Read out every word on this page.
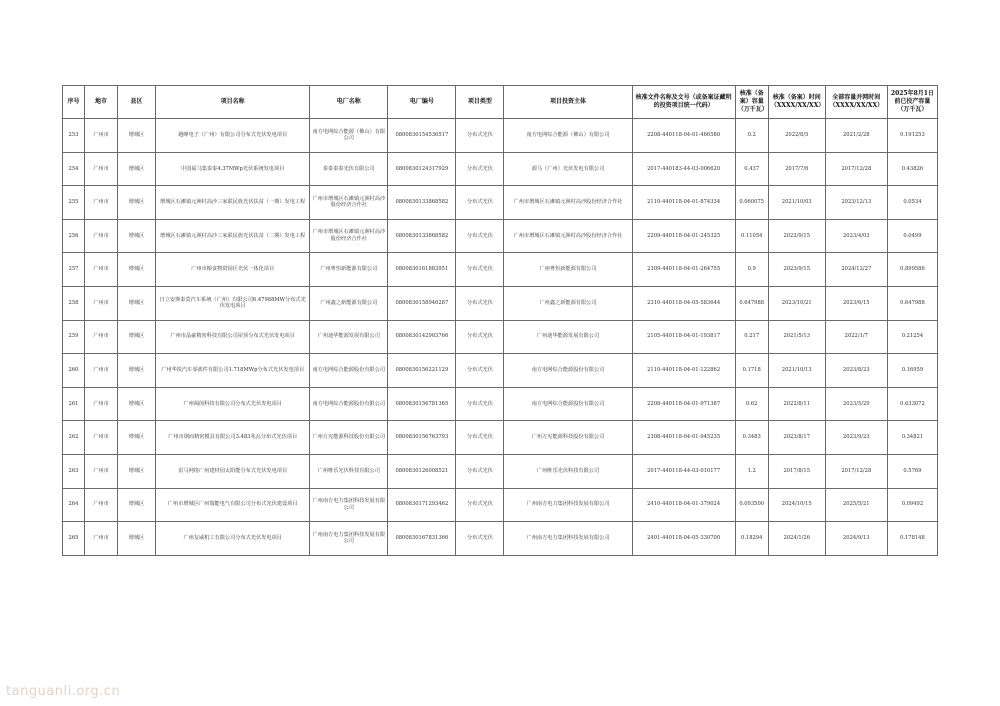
序号	地市	县区	项目名称	电厂名称	电厂编号	项目类型	项目投资主体	核准文件名称及文号（或备案证藏明的投资项目统一代码）	核准（备案）容量（万千瓦）	核准（备案）时间（XXXX/XX/XX）	全部容量并网时间（XXXX/XX/XX）	2025年8月1日前已投产容量（万千瓦）
253	广州市	增城区	越峰电子（广州）有限公司分布式光伏发电项目	南方电网综合能源（佛山）有限公司	0800830154536517	分布式光伏	南方电网综合能源（佛山）有限公司	2208-440118-04-01-466580	0.2	2022/8/5	2021/2/28	0.191253
254	广州市	增城区	中国福马集泰泰4.37MWp光伏系统发电项目	泰泰泰泰光伏有限公司	0800830124317929	分布式光伏	源马（广州）光伏发电有限公司	2017-440183-44-03-006620	0.437	2017/7/6	2017/12/28	0.43826
255	广州市	增城区	增城区石滩镇元洲村高沙三家联民族光伏扶贫（一期）发电工程	广州市增城区石滩镇元洲村高沙股份经济合作社	0800830133868582	分布式光伏	广州市增城区石滩镇元洲村高沙股份经济合作社	2110-440118-04-01-874334	0.060075	2021/10/03	2023/12/13	0.0534
256	广州市	增城区	增城区石滩镇元洲村高沙三家联民族光伏扶贫（二期）发电工程	广州市增城区石滩镇元洲村高沙股份经济合作社	0800830133868582	分布式光伏	广州市增城区石滩镇元洲村高沙股份经济合作社	2209-440118-04-01-245325	0.11054	2022/9/15	2023/4/03	0.0499
257	广州市	增城区	广州市粮食物资园区光伏一体化项目	广州粤恒新能源有限公司	0800830161883951	分布式光伏	广州粤恒新能源有限公司	2309-440118-04-01-264755	0.9	2023/9/15	2024/12/27	0.899586
258	广州市	增城区	日立安斯泰莫汽车系统（广州）有限公司6.47988MW分布式光伏发电项目	广州鑫之新能源有限公司	0800830158946287	分布式光伏	广州鑫之新能源有限公司	2310-440118-04-05-583644	0.647988	2023/10/21	2023/6/15	0.647988
259	广州市	增城区	广州市晶豪精密科技有限公司屋顶分布式光伏发电项目	广州迪华能源发展有限公司	0800830142903766	分布式光伏	广州迪华能源发展有限公司	2105-440118-04-01-193817	0.217	2021/5/13	2022/1/7	0.21254
260	广州市	增城区	广州华锐汽车零部件有限公司1.718MWp分布式光伏发电项目	南方电网综合能源股份有限公司	0800830156221129	分布式光伏	南方电网综合能源股份有限公司	2110-440118-04-01-122862	0.1718	2021/10/13	2023/8/23	0.16959
261	广州市	增城区	广州阔茵科技有限公司分布式光伏发电项目	南方电网综合能源股份有限公司	0800830156781365	分布式光伏	南方电网综合能源股份有限公司	2208-440118-04-01-971387	0.62	2022/8/11	2023/5/29	0.633072
262	广州市	增城区	广州市钢而精密模具有限公司3.483兆瓦分布式光伏项目	广州万宪能源科技股份有限公司	0800830156763793	分布式光伏	广州万宪能源科技股份有限公司	2308-440118-04-01-945235	0.3483	2023/8/17	2023/9/23	0.34821
263	广州市	增城区	雷马网络广州建材园太阳能分布式光伏发电项目	广州唯乐光伏科技有限公司	0800830126008521	分布式光伏	广州唯乐光伏科技有限公司	2017-440118-44-03-010177	1.2	2017/8/15	2017/12/28	0.5769
264	广州市	增城区	广州市增城区广州瑞能电气有限公司分布式光伏建设项目	广州南方电力集团科技发展有限公司	0800830171293462	分布式光伏	广州南方电力集团科技发展有限公司	2410-440118-04-01-379024	0.093500	2024/10/15	2025/5/21	0.09492
265	广州市	增城区	广州友威机工有限公司分布式光伏发电项目	广州南方电力集团科技发展有限公司	0800830167831366	分布式光伏	广州南方电力集团科技发展有限公司	2401-440118-04-05-330700	0.18294	2024/1/26	2024/9/13	0.178148
tanguanli.org.cn
